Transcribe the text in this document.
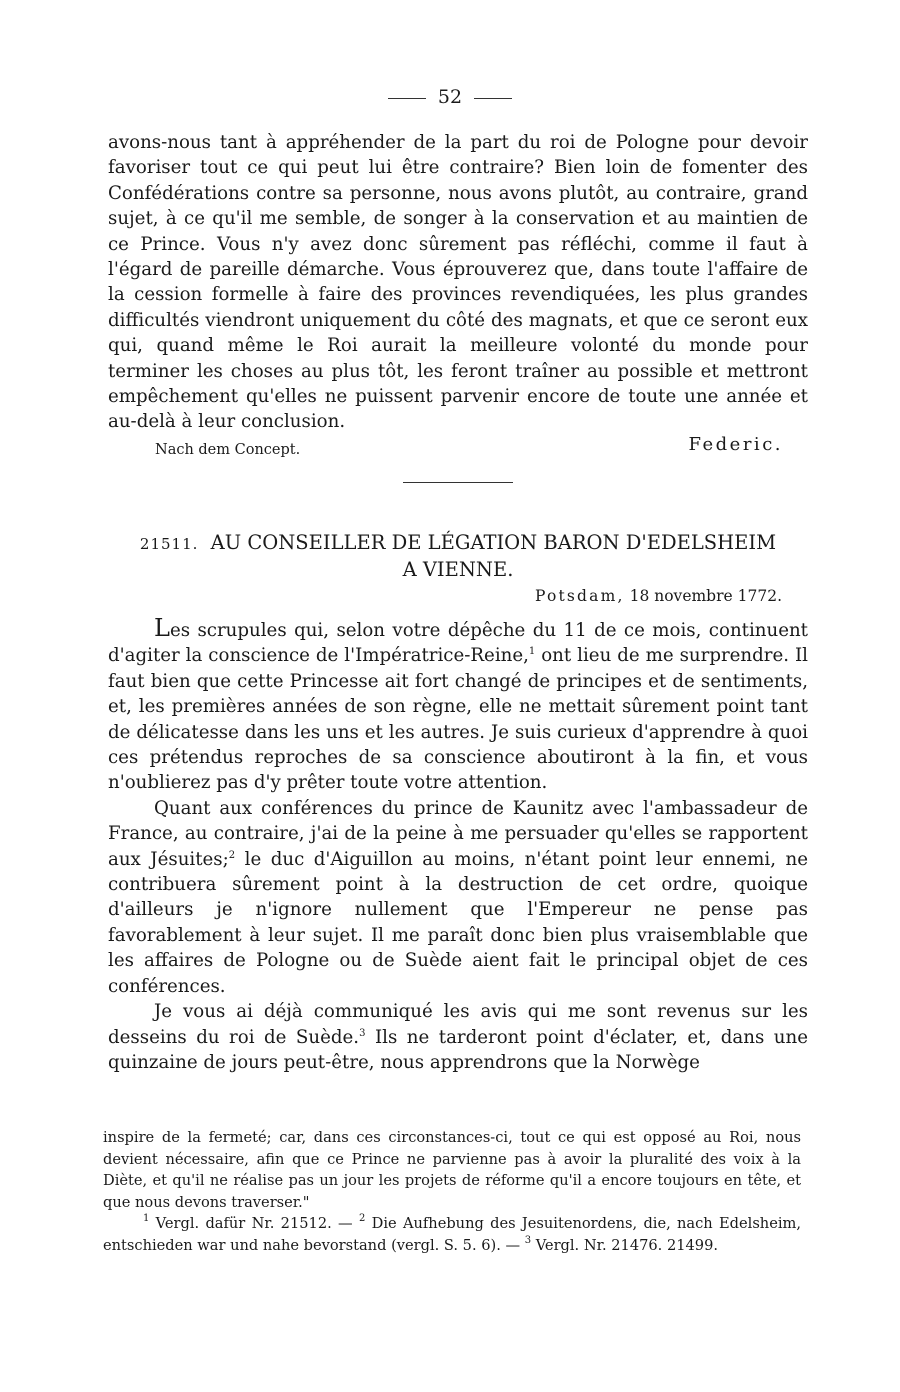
52
avons-nous tant à appréhender de la part du roi de Pologne pour devoir favoriser tout ce qui peut lui être contraire? Bien loin de fomenter des Confédérations contre sa personne, nous avons plutôt, au contraire, grand sujet, à ce qu'il me semble, de songer à la conservation et au maintien de ce Prince. Vous n'y avez donc sûrement pas réfléchi, comme il faut à l'égard de pareille démarche. Vous éprouverez que, dans toute l'affaire de la cession formelle à faire des provinces revendiquées, les plus grandes difficultés viendront uniquement du côté des magnats, et que ce seront eux qui, quand même le Roi aurait la meilleure volonté du monde pour terminer les choses au plus tôt, les feront traîner au possible et mettront empêchement qu'elles ne puissent parvenir encore de toute une année et au-delà à leur conclusion.
Nach dem Concept.	Federic.
21511. AU CONSEILLER DE LÉGATION BARON D'EDELSHEIM
A VIENNE.
Potsdam, 18 novembre 1772.

Les scrupules qui, selon votre dépêche du 11 de ce mois, continuent d'agiter la conscience de l'Impératrice-Reine,$^1$ ont lieu de me surprendre. Il faut bien que cette Princesse ait fort changé de principes et de sentiments, et, les premières années de son règne, elle ne mettait sûrement point tant de délicatesse dans les uns et les autres. Je suis curieux d'apprendre à quoi ces prétendus reproches de sa conscience aboutiront à la fin, et vous n'oublierez pas d'y prêter toute votre attention.

Quant aux conférences du prince de Kaunitz avec l'ambassadeur de France, au contraire, j'ai de la peine à me persuader qu'elles se rapportent aux Jésuites;$^2$ le duc d'Aiguillon au moins, n'étant point leur ennemi, ne contribuera sûrement point à la destruction de cet ordre, quoique d'ailleurs je n'ignore nullement que l'Empereur ne pense pas favorablement à leur sujet. Il me paraît donc bien plus vraisemblable que les affaires de Pologne ou de Suède aient fait le principal objet de ces conférences.

Je vous ai déjà communiqué les avis qui me sont revenus sur les desseins du roi de Suède.$^3$ Ils ne tarderont point d'éclater, et, dans une quinzaine de jours peut-être, nous apprendrons que la Norwège

inspire de la fermeté; car, dans ces circonstances-ci, tout ce qui est opposé au Roi, nous devient nécessaire, afin que ce Prince ne parvienne pas à avoir la pluralité des voix à la Diète, et qu'il ne réalise pas un jour les projets de réforme qu'il a encore toujours en tête, et que nous devons traverser."

$^1$ Vergl. dafür Nr. 21512. — $^2$ Die Aufhebung des Jesuitenordens, die, nach Edelsheim, entschieden war und nahe bevorstand (vergl. S. 5. 6). — $^3$ Vergl. Nr. 21476. 21499.
